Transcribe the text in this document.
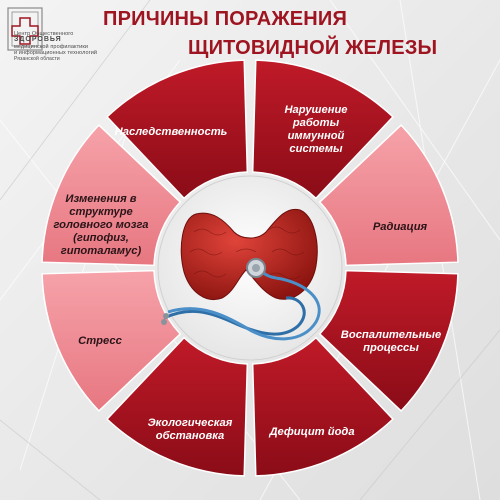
Центр Общественного
ЗДОРОВЬЯ
медицинской профилактики
и информационных технологий
Рязанской области
ПРИЧИНЫ ПОРАЖЕНИЯ
ЩИТОВИДНОЙ ЖЕЛЕЗЫ
Нарушение работы иммунной системы
Радиация
Воспалительные процессы
Дефицит йода
Экологическая обстановка
Стресс
Изменения в структуре головного мозга (гипофиз, гипоталамус)
Наследственность
